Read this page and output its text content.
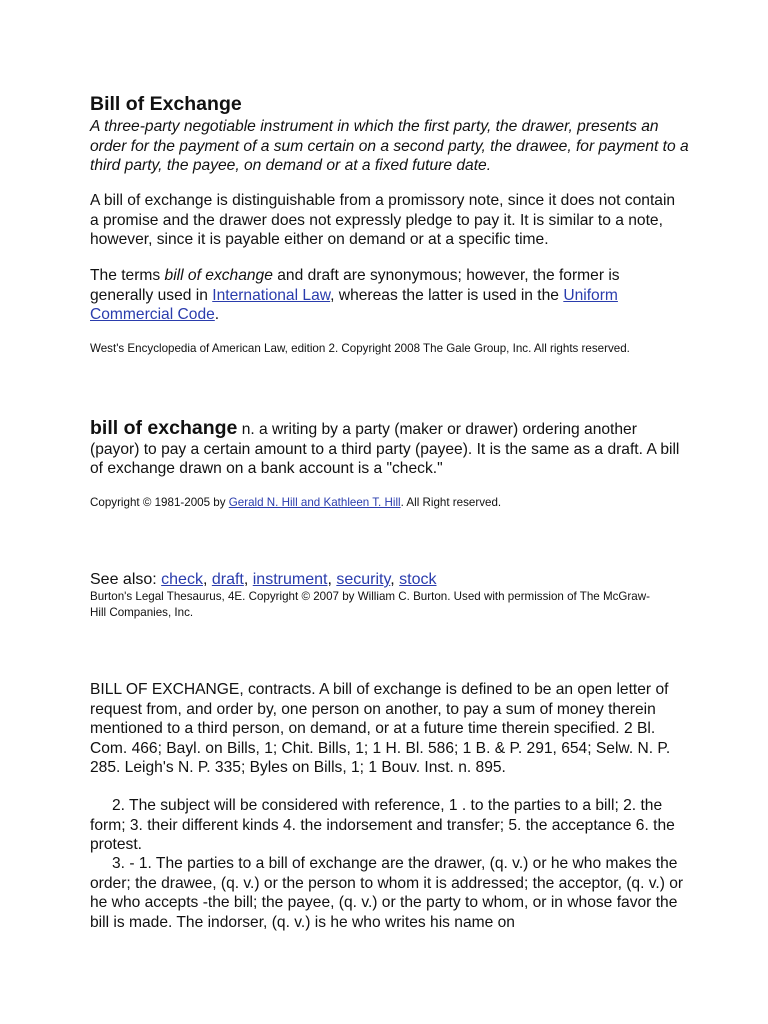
Bill of Exchange

A three-party negotiable instrument in which the first party, the drawer, presents an order for the payment of a sum certain on a second party, the drawee, for payment to a third party, the payee, on demand or at a fixed future date.

A bill of exchange is distinguishable from a promissory note, since it does not contain a promise and the drawer does not expressly pledge to pay it. It is similar to a note, however, since it is payable either on demand or at a specific time.

The terms bill of exchange and draft are synonymous; however, the former is generally used in International Law, whereas the latter is used in the Uniform Commercial Code.

West's Encyclopedia of American Law, edition 2. Copyright 2008 The Gale Group, Inc. All rights reserved.

bill of exchange n. a writing by a party (maker or drawer) ordering another (payor) to pay a certain amount to a third party (payee). It is the same as a draft. A bill of exchange drawn on a bank account is a "check."

Copyright © 1981-2005 by Gerald N. Hill and Kathleen T. Hill. All Right reserved.

See also: check, draft, instrument, security, stock

Burton's Legal Thesaurus, 4E. Copyright © 2007 by William C. Burton. Used with permission of The McGraw-Hill Companies, Inc.

BILL OF EXCHANGE, contracts. A bill of exchange is defined to be an open letter of request from, and order by, one person on another, to pay a sum of money therein mentioned to a third person, on demand, or at a future time therein specified. 2 Bl. Com. 466; Bayl. on Bills, 1; Chit. Bills, 1; 1 H. Bl. 586; 1 B. & P. 291, 654; Selw. N. P. 285. Leigh's N. P. 335; Byles on Bills, 1; 1 Bouv. Inst. n. 895.

2. The subject will be considered with reference, 1 . to the parties to a bill; 2. the form; 3. their different kinds 4. the indorsement and transfer; 5. the acceptance 6. the protest.

3. - 1. The parties to a bill of exchange are the drawer, (q. v.) or he who makes the order; the drawee, (q. v.) or the person to whom it is addressed; the acceptor, (q. v.) or he who accepts -the bill; the payee, (q. v.) or the party to whom, or in whose favor the bill is made. The indorser, (q. v.) is he who writes his name on
